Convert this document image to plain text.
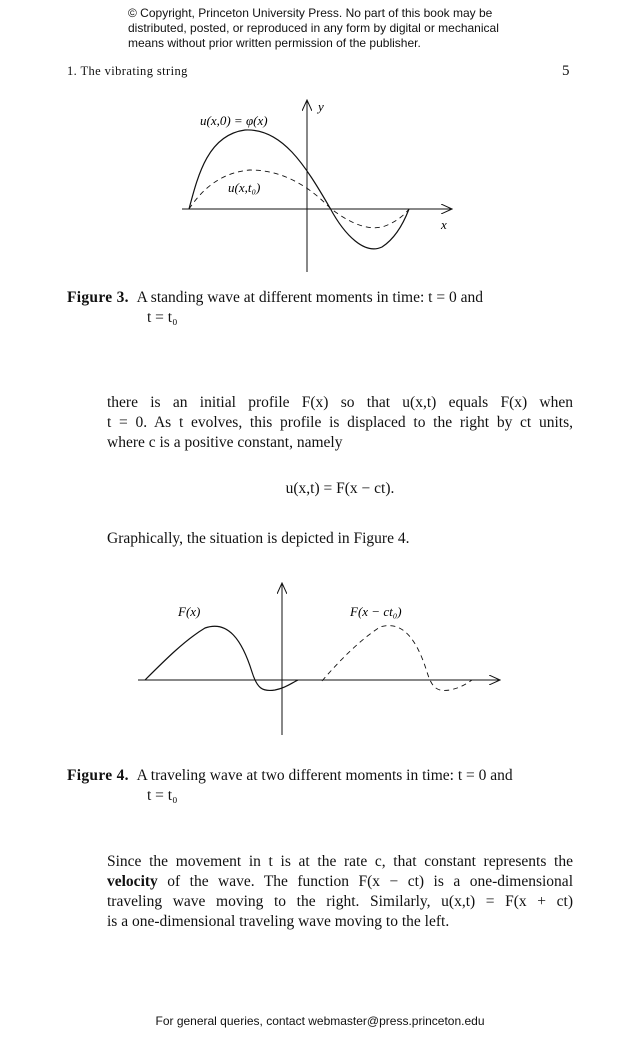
© Copyright, Princeton University Press. No part of this book may be
distributed, posted, or reproduced in any form by digital or mechanical
means without prior written permission of the publisher.
1. The vibrating string	5
u(x,0) = φ(x)
u(x,t₀)
y
x
Figure 3. A standing wave at different moments in time: t = 0 and
t = t₀
there is an initial profile F(x) so that u(x,t) equals F(x) when
t = 0. As t evolves, this profile is displaced to the right by ct units,
where c is a positive constant, namely
u(x,t) = F(x − ct).
Graphically, the situation is depicted in Figure 4.
F(x)	F(x − ct₀)
Figure 4. A traveling wave at two different moments in time: t = 0 and
t = t₀
Since the movement in t is at the rate c, that constant represents the
velocity of the wave. The function F(x − ct) is a one-dimensional
traveling wave moving to the right. Similarly, u(x,t) = F(x + ct)
is a one-dimensional traveling wave moving to the left.
For general queries, contact webmaster@press.princeton.edu
